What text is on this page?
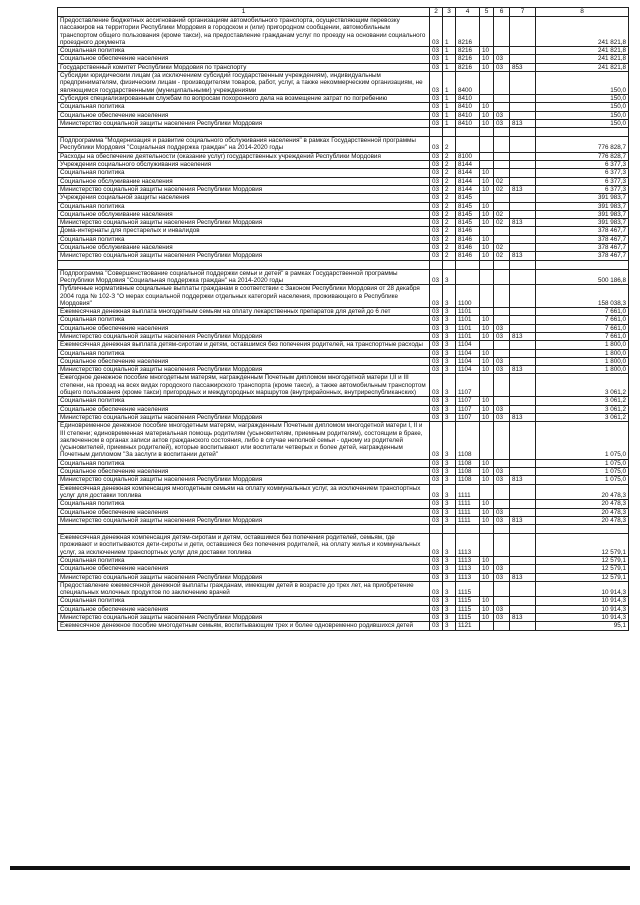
1	2	3	4	5	6	7	8
Предоставление бюджетных ассигнований организациям автомобильного транспорта, осуществляющим перевозку пассажиров на территории Республики Мордовия в городском и (или) пригородном сообщении, автомобильным транспортом общего пользования (кроме такси), на предоставление гражданам услуг по проезду на основании социального проездного документа	03	1	8216				241 821,8
Социальная политика	03	1	8216	10			241 821,8
Социальное обеспечение населения	03	1	8216	10	03		241 821,8
Государственный комитет Республики Мордовия по транспорту	03	1	8216	10	03	853	241 821,8
Субсидии юридическим лицам (за исключением субсидий государственным учреждениям), индивидуальным предпринимателям, физическим лицам - производителям товаров, работ, услуг, а также некоммерческим организациям, не являющимся государственными (муниципальными) учреждениями	03	1	8400				150,0
Субсидия специализированным службам по вопросам похоронного дела на возмещение затрат по погребению	03	1	8410				150,0
Социальная политика	03	1	8410	10			150,0
Социальное обеспечение населения	03	1	8410	10	03		150,0
Министерство социальной защиты населения Республики Мордовия	03	1	8410	10	03	813	150,0

Подпрограмма "Модернизация и развитие социального обслуживания населения" в рамках Государственной программы Республики Мордовия "Социальная поддержка граждан" на 2014-2020 годы	03	2					776 828,7
Расходы на обеспечение деятельности (оказание услуг) государственных учреждений Республики Мордовия	03	2	8100				776 828,7
Учреждения социального обслуживания населения	03	2	8144				6 377,3
Социальная политика	03	2	8144	10			6 377,3
Социальное обслуживание населения	03	2	8144	10	02		6 377,3
Министерство социальной защиты населения Республики Мордовия	03	2	8144	10	02	813	6 377,3
Учреждения социальной защиты населения	03	2	8145				391 983,7
Социальная политика	03	2	8145	10			391 983,7
Социальное обслуживание населения	03	2	8145	10	02		391 983,7
Министерство социальной защиты населения Республики Мордовия	03	2	8145	10	02	813	391 983,7
Дома-интернаты для престарелых и инвалидов	03	2	8146				378 467,7
Социальная политика	03	2	8146	10			378 467,7
Социальное обслуживание населения	03	2	8146	10	02		378 467,7
Министерство социальной защиты населения Республики Мордовия	03	2	8146	10	02	813	378 467,7

Подпрограмма "Совершенствование социальной поддержки семьи и детей" в рамках Государственной программы Республики Мордовия "Социальная поддержка граждан" на 2014-2020 годы	03	3					500 186,8
Публичные нормативные социальные выплаты гражданам в соответствии с Законом Республики Мордовия от 28 декабря 2004 года № 102-З "О мерах социальной поддержки отдельных категорий населения, проживающего в Республике Мордовия"	03	3	1100				158 038,3
Ежемесячная денежная выплата многодетным семьям на оплату лекарственных препаратов для детей до 6 лет	03	3	1101				7 661,0
Социальная политика	03	3	1101	10			7 661,0
Социальное обеспечение населения	03	3	1101	10	03		7 661,0
Министерство социальной защиты населения Республики Мордовия	03	3	1101	10	03	813	7 661,0
Ежемесячная денежная выплата детям-сиротам и детям, оставшимся без попечения родителей, на транспортные расходы	03	3	1104				1 800,0
Социальная политика	03	3	1104	10			1 800,0
Социальное обеспечение населения	03	3	1104	10	03		1 800,0
Министерство социальной защиты населения Республики Мордовия	03	3	1104	10	03	813	1 800,0
Ежегодное денежное пособие многодетным матерям, награжденным Почетным дипломом многодетной матери I,II и III степени, на проезд на всех видах городского пассажирского транспорта (кроме такси), а также автомобильным транспортом общего пользования (кроме такси) пригородных и междугородных маршрутов (внутрирайонных, внутриреспубликанских)	03	3	1107				3 061,2
Социальная политика	03	3	1107	10			3 061,2
Социальное обеспечение населения	03	3	1107	10	03		3 061,2
Министерство социальной защиты населения Республики Мордовия	03	3	1107	10	03	813	3 061,2
Единовременное денежное пособие многодетным матерям, награжденным Почетным дипломом многодетной матери I, II и III степени; единовременная материальная помощь родителям (усыновителям, приемным родителям), состоящим в браке, заключенном в органах записи актов гражданского состояния, либо в случае неполной семьи - одному из родителей (усыновителей, приемных родителей), которые воспитывают или воспитали четверых и более детей, награжденным Почетным дипломом "За заслуги в воспитании детей"	03	3	1108				1 075,0
Социальная политика	03	3	1108	10			1 075,0
Социальное обеспечение населения	03	3	1108	10	03		1 075,0
Министерство социальной защиты населения Республики Мордовия	03	3	1108	10	03	813	1 075,0
Ежемесячная денежная компенсация многодетным семьям на оплату коммунальных услуг, за исключением транспортных услуг для доставки топлива	03	3	1111				20 478,3
Социальная политика	03	3	1111	10			20 478,3
Социальное обеспечение населения	03	3	1111	10	03		20 478,3
Министерство социальной защиты населения Республики Мордовия	03	3	1111	10	03	813	20 478,3

Ежемесячная денежная компенсация детям-сиротам и детям, оставшимся без попечения родителей, семьям, где проживают и воспитываются дети-сироты и дети, оставшиеся без попечения родителей, на оплату жилья и коммунальных услуг, за исключением транспортных услуг для доставки топлива	03	3	1113				12 579,1
Социальная политика	03	3	1113	10			12 579,1
Социальное обеспечение населения	03	3	1113	10	03		12 579,1
Министерство социальной защиты населения Республики Мордовия	03	3	1113	10	03	813	12 579,1
Предоставление ежемесячной денежной выплаты гражданам, имеющим детей в возрасте до трех лет, на приобретение специальных молочных продуктов по заключению врачей	03	3	1115				10 914,3
Социальная политика	03	3	1115	10			10 914,3
Социальное обеспечение населения	03	3	1115	10	03		10 914,3
Министерство социальной защиты населения Республики Мордовия	03	3	1115	10	03	813	10 914,3
Ежемесячное денежное пособие многодетным семьям, воспитывающим трех и более одновременно родившихся детей	03	3	1121				95,1
